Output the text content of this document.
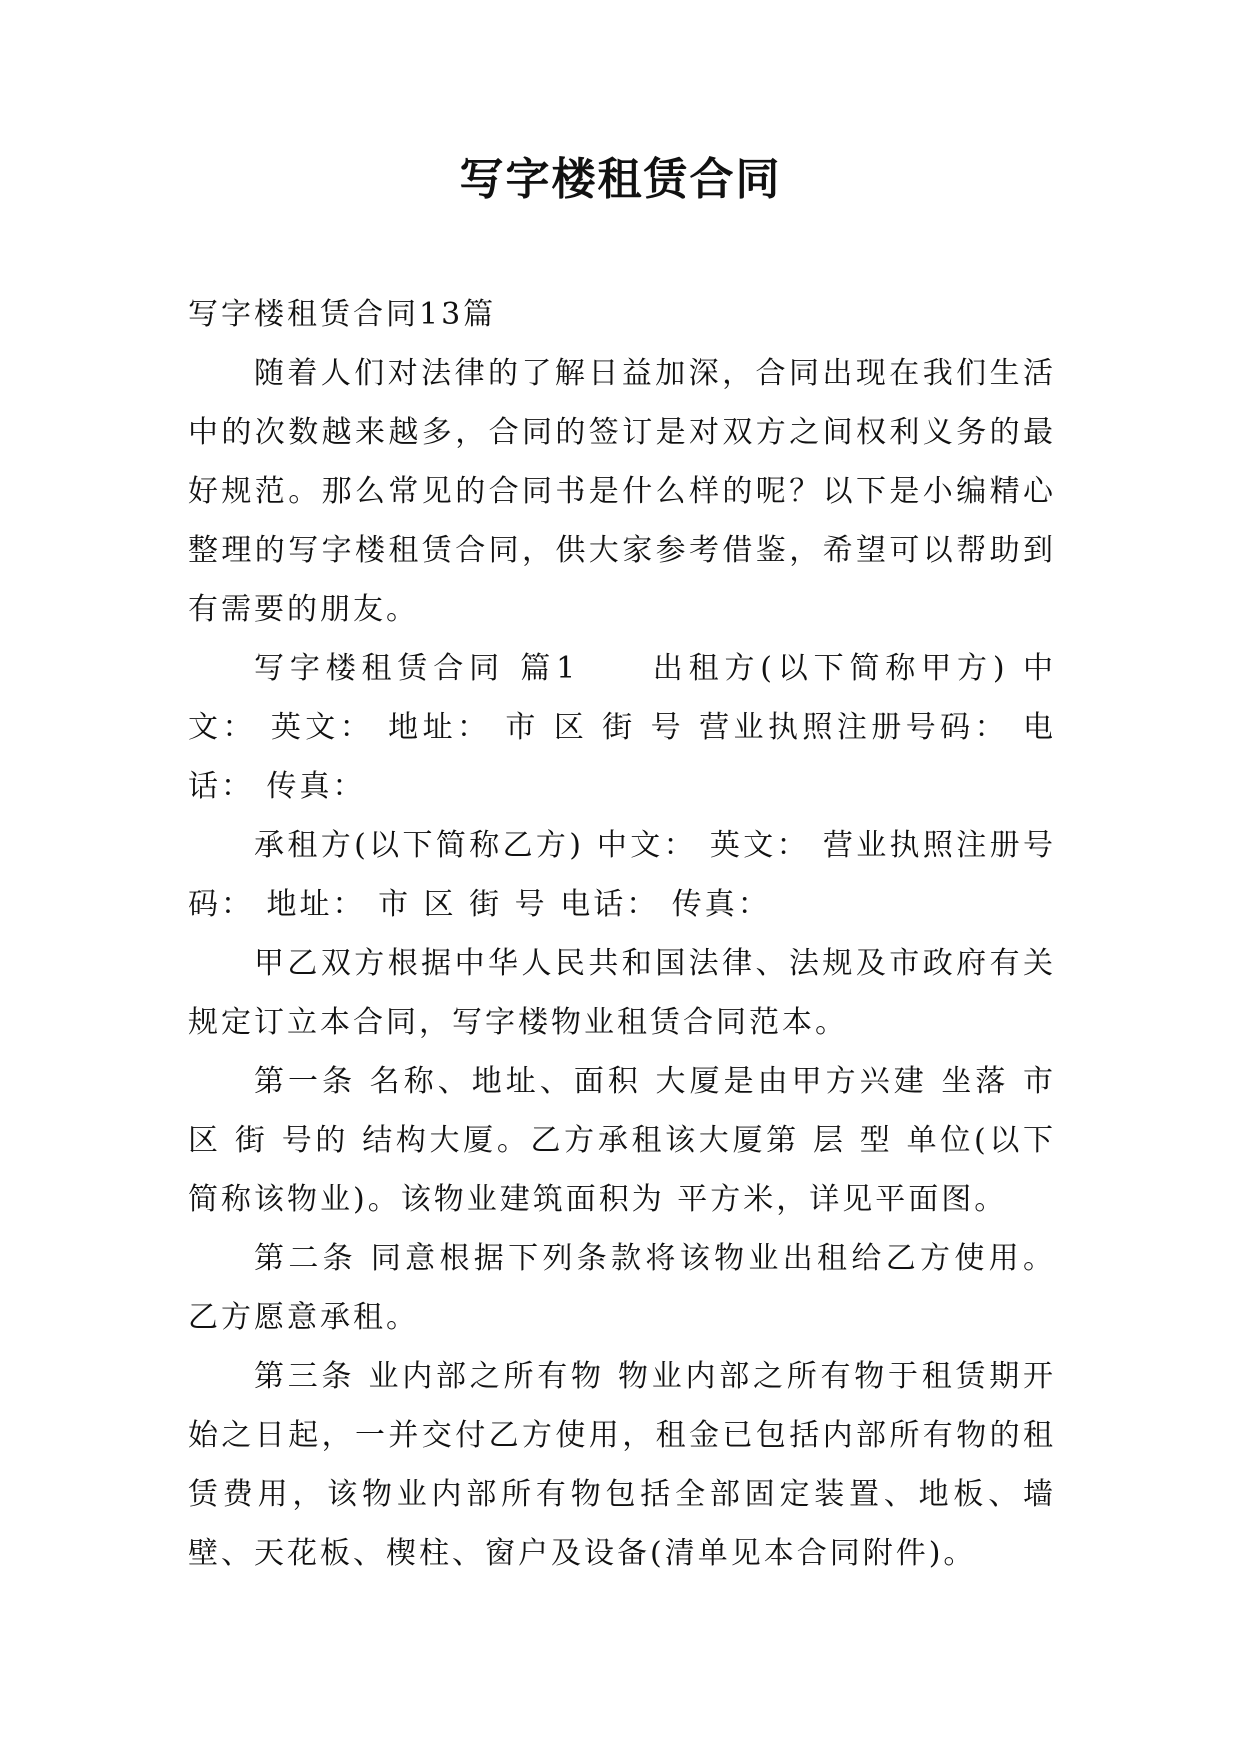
写字楼租赁合同

写字楼租赁合同13篇

随着人们对法律的了解日益加深，合同出现在我们生活中的次数越来越多，合同的签订是对双方之间权利义务的最好规范。那么常见的合同书是什么样的呢？以下是小编精心整理的写字楼租赁合同，供大家参考借鉴，希望可以帮助到有需要的朋友。

写字楼租赁合同 篇1　　出租方(以下简称甲方) 中文： 英文： 地址： 市 区 街 号 营业执照注册号码： 电话： 传真：

承租方(以下简称乙方) 中文： 英文： 营业执照注册号码： 地址： 市 区 街 号 电话： 传真：

甲乙双方根据中华人民共和国法律、法规及市政府有关规定订立本合同，写字楼物业租赁合同范本。

第一条 名称、地址、面积 大厦是由甲方兴建 坐落 市 区 街 号的 结构大厦。乙方承租该大厦第 层 型 单位(以下简称该物业)。该物业建筑面积为 平方米，详见平面图。

第二条 同意根据下列条款将该物业出租给乙方使用。乙方愿意承租。

第三条 业内部之所有物 物业内部之所有物于租赁期开始之日起，一并交付乙方使用，租金已包括内部所有物的租赁费用，该物业内部所有物包括全部固定装置、地板、墙壁、天花板、楔柱、窗户及设备(清单见本合同附件)。
